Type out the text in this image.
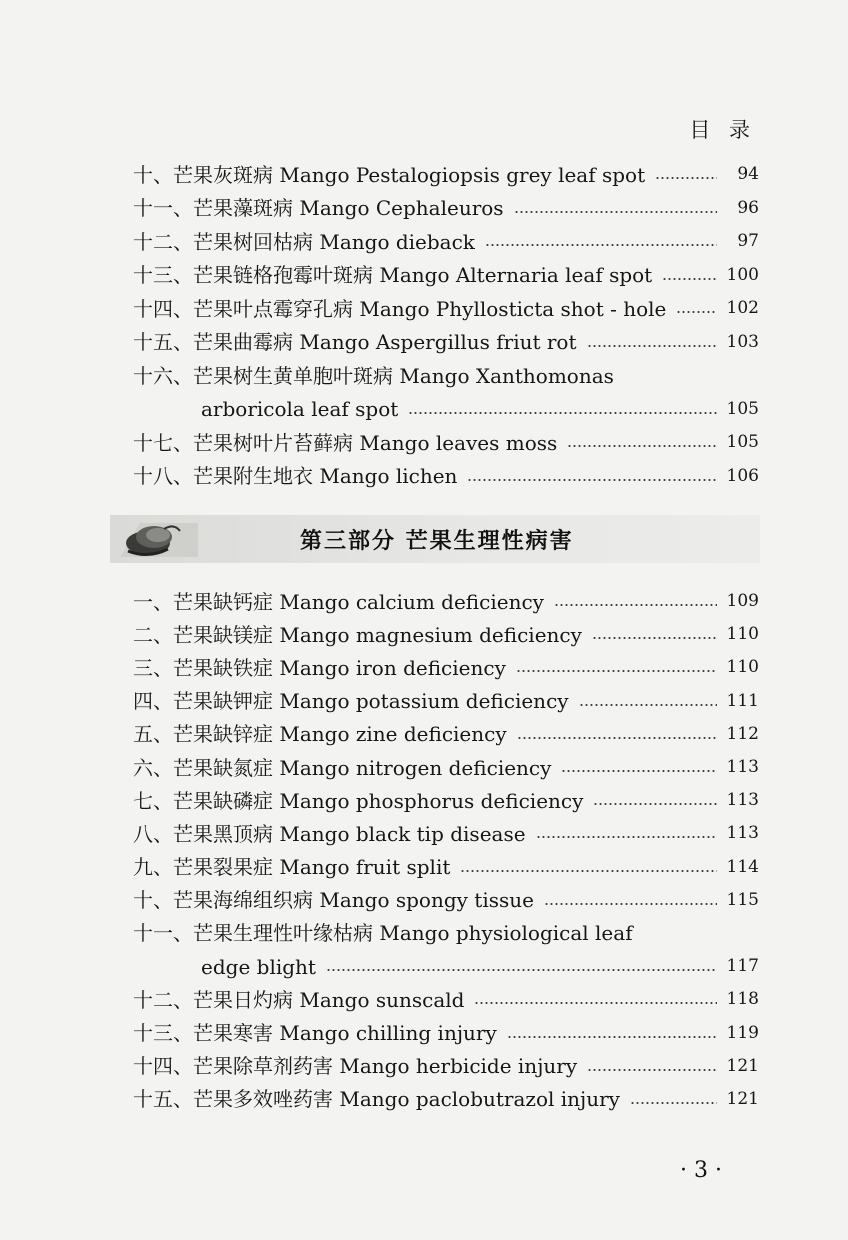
目 录
十、芒果灰斑病 Mango Pestalogiopsis grey leaf spot	94
十一、芒果藻斑病 Mango Cephaleuros	96
十二、芒果树回枯病 Mango dieback	97
十三、芒果链格孢霉叶斑病 Mango Alternaria leaf spot	100
十四、芒果叶点霉穿孔病 Mango Phyllosticta shot - hole	102
十五、芒果曲霉病 Mango Aspergillus friut rot	103
十六、芒果树生黄单胞叶斑病 Mango Xanthomonas
arboricola leaf spot	105
十七、芒果树叶片苔藓病 Mango leaves moss	105
十八、芒果附生地衣 Mango lichen	106
第三部分 芒果生理性病害
一、芒果缺钙症 Mango calcium deficiency	109
二、芒果缺镁症 Mango magnesium deficiency	110
三、芒果缺铁症 Mango iron deficiency	110
四、芒果缺钾症 Mango potassium deficiency	111
五、芒果缺锌症 Mango zine deficiency	112
六、芒果缺氮症 Mango nitrogen deficiency	113
七、芒果缺磷症 Mango phosphorus deficiency	113
八、芒果黑顶病 Mango black tip disease	113
九、芒果裂果症 Mango fruit split	114
十、芒果海绵组织病 Mango spongy tissue	115
十一、芒果生理性叶缘枯病 Mango physiological leaf
edge blight	117
十二、芒果日灼病 Mango sunscald	118
十三、芒果寒害 Mango chilling injury	119
十四、芒果除草剂药害 Mango herbicide injury	121
十五、芒果多效唑药害 Mango paclobutrazol injury	121
· 3 ·
